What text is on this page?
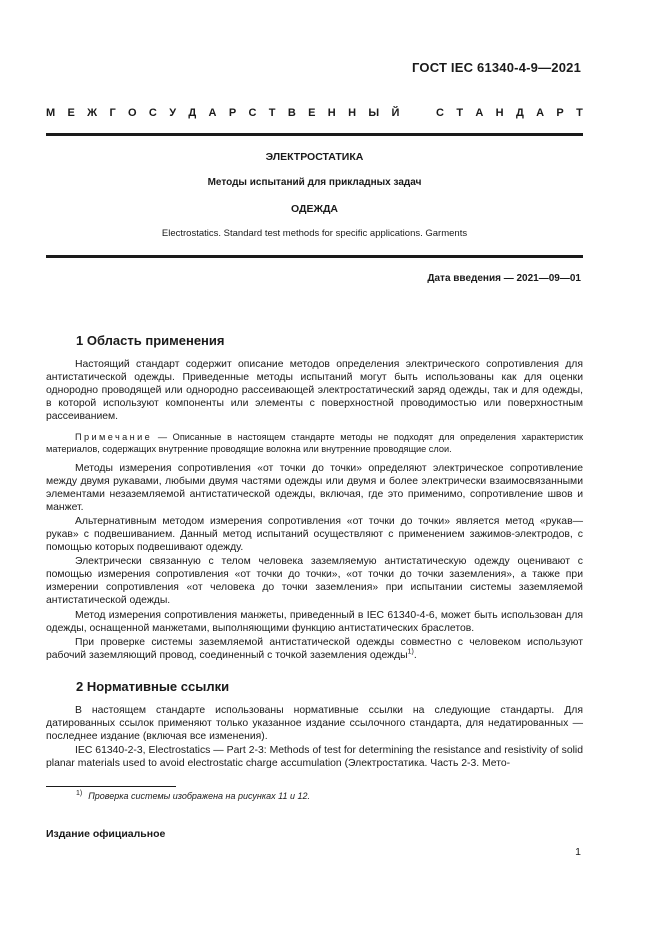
ГОСТ IEC 61340-4-9—2021
М Е Ж Г О С У Д А Р С Т В Е Н Н Ы Й	С Т А Н Д А Р Т
ЭЛЕКТРОСТАТИКА
Методы испытаний для прикладных задач
ОДЕЖДА
Electrostatics. Standard test methods for specific applications. Garments
Дата введения — 2021—09—01
1 Область применения

Настоящий стандарт содержит описание методов определения электрического сопротивления для антистатической одежды. Приведенные методы испытаний могут быть использованы как для оценки однородно проводящей или однородно рассеивающей электростатический заряд одежды, так и для одежды, в которой используют компоненты или элементы с поверхностной проводимостью или поверхностным рассеиванием.

Примечание — Описанные в настоящем стандарте методы не подходят для определения характеристик материалов, содержащих внутренние проводящие волокна или внутренние проводящие слои.

Методы измерения сопротивления «от точки до точки» определяют электрическое сопротивление между двумя рукавами, любыми двумя частями одежды или двумя и более электрически взаимосвязанными элементами незаземляемой антистатической одежды, включая, где это применимо, сопротивление швов и манжет.

Альтернативным методом измерения сопротивления «от точки до точки» является метод «рукав—рукав» с подвешиванием. Данный метод испытаний осуществляют с применением зажимов-электродов, с помощью которых подвешивают одежду.

Электрически связанную с телом человека заземляемую антистатическую одежду оценивают с помощью измерения сопротивления «от точки до точки», «от точки до точки заземления», а также при измерении сопротивления «от человека до точки заземления» при испытании системы заземляемой антистатической одежды.

Метод измерения сопротивления манжеты, приведенный в IEC 61340-4-6, может быть использован для одежды, оснащенной манжетами, выполняющими функцию антистатических браслетов.

При проверке системы заземляемой антистатической одежды совместно с человеком используют рабочий заземляющий провод, соединенный с точкой заземления одежды$^{1)}$.

2 Нормативные ссылки

В настоящем стандарте использованы нормативные ссылки на следующие стандарты. Для датированных ссылок применяют только указанное издание ссылочного стандарта, для недатированных — последнее издание (включая все изменения).

IEC 61340-2-3, Electrostatics — Part 2-3: Methods of test for determining the resistance and resistivity of solid planar materials used to avoid electrostatic charge accumulation (Электростатика. Часть 2-3. Мето-

$^{1)}$ Проверка системы изображена на рисунках 11 и 12.
Издание официальное
1
